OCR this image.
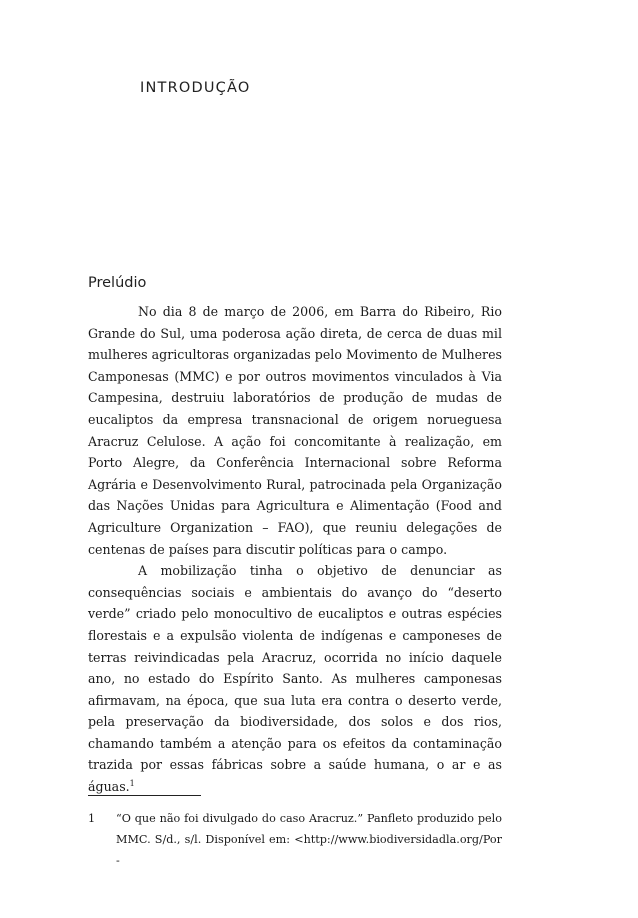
INTRODUÇÃO
Prelúdio

No dia 8 de março de 2006, em Barra do Ribeiro, Rio Grande do Sul, uma poderosa ação direta, de cerca de duas mil mulheres agricultoras organizadas pelo Movimento de Mulheres Camponesas (MMC) e por outros movimentos vinculados à Via Campesina, destruiu laboratórios de produção de mudas de eucaliptos da empresa transnacional de origem norueguesa Aracruz Celulose. A ação foi concomitante à realização, em Porto Alegre, da Conferência Internacional sobre Reforma Agrária e Desenvolvimento Rural, patrocinada pela Organização das Nações Unidas para Agricultura e Alimentação (Food and Agriculture Organization – FAO), que reuniu delegações de centenas de países para discutir políticas para o campo.

A mobilização tinha o objetivo de denunciar as consequências sociais e ambientais do avanço do “deserto verde” criado pelo monocultivo de eucaliptos e outras espécies florestais e a expulsão violenta de indígenas e camponeses de terras reivindicadas pela Aracruz, ocorrida no início daquele ano, no estado do Espírito Santo. As mulheres camponesas afirmavam, na época, que sua luta era contra o deserto verde, pela preservação da biodiversidade, dos solos e dos rios, chamando também a atenção para os efeitos da contaminação trazida por essas fábricas sobre a saúde humana, o ar e as águas.$^1$

1 “O que não foi divulgado do caso Aracruz.” Panfleto produzido pelo MMC. S/d., s/l. Disponível em: <http://www.biodiversidadla.org/Por-
